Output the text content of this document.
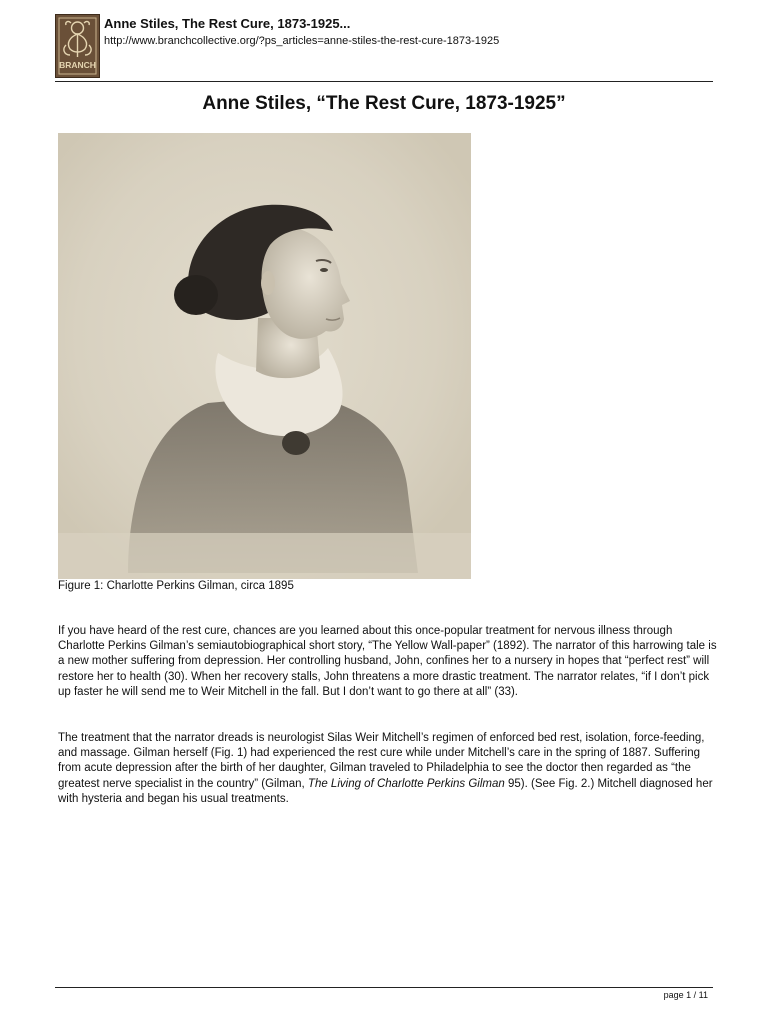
BRANCH
Anne Stiles, The Rest Cure, 1873-1925...
http://www.branchcollective.org/?ps_articles=anne-stiles-the-rest-cure-1873-1925
Anne Stiles, “The Rest Cure, 1873-1925”
Figure 1: Charlotte Perkins Gilman, circa 1895

If you have heard of the rest cure, chances are you learned about this once-popular treatment for nervous illness through Charlotte Perkins Gilman’s semiautobiographical short story, “The Yellow Wall-paper” (1892). The narrator of this harrowing tale is a new mother suffering from depression. Her controlling husband, John, confines her to a nursery in hopes that “perfect rest” will restore her to health (30). When her recovery stalls, John threatens a more drastic treatment. The narrator relates, “if I don’t pick up faster he will send me to Weir Mitchell in the fall. But I don’t want to go there at all” (33).

The treatment that the narrator dreads is neurologist Silas Weir Mitchell’s regimen of enforced bed rest, isolation, force-feeding, and massage. Gilman herself (Fig. 1) had experienced the rest cure while under Mitchell’s care in the spring of 1887. Suffering from acute depression after the birth of her daughter, Gilman traveled to Philadelphia to see the doctor then regarded as “the greatest nerve specialist in the country” (Gilman, The Living of Charlotte Perkins Gilman 95). (See Fig. 2.) Mitchell diagnosed her with hysteria and began his usual treatments.

page 1 / 11
